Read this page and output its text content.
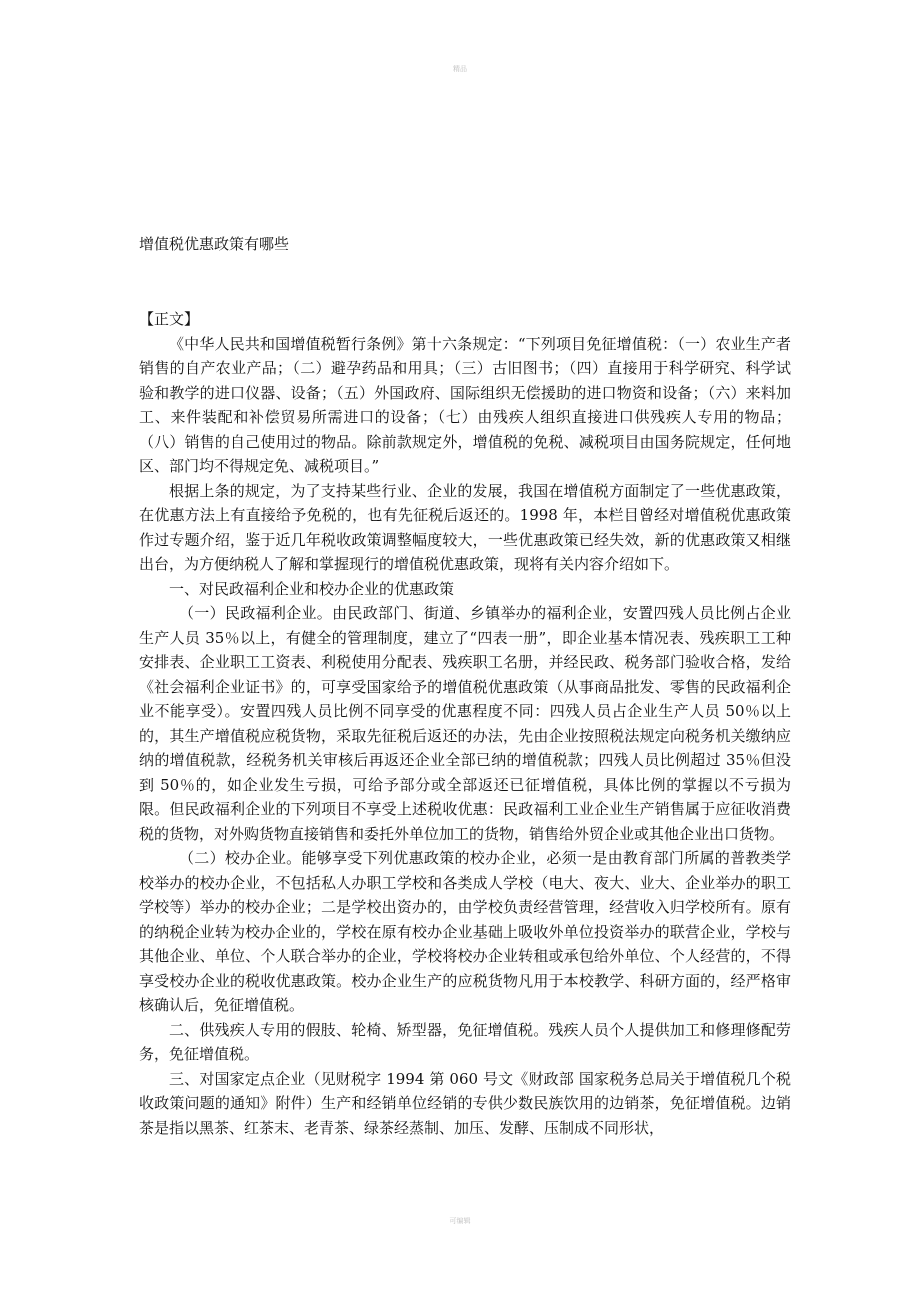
精品
增值税优惠政策有哪些

【正文】

《中华人民共和国增值税暂行条例》第十六条规定：“下列项目免征增值税：（一）农业生产者销售的自产农业产品；（二）避孕药品和用具；（三）古旧图书；（四）直接用于科学研究、科学试验和教学的进口仪器、设备；（五）外国政府、国际组织无偿援助的进口物资和设备；（六）来料加工、来件装配和补偿贸易所需进口的设备；（七）由残疾人组织直接进口供残疾人专用的物品；（八）销售的自己使用过的物品。除前款规定外，增值税的免税、减税项目由国务院规定，任何地区、部门均不得规定免、减税项目。”

根据上条的规定，为了支持某些行业、企业的发展，我国在增值税方面制定了一些优惠政策，在优惠方法上有直接给予免税的，也有先征税后返还的。1998 年，本栏目曾经对增值税优惠政策作过专题介绍，鉴于近几年税收政策调整幅度较大，一些优惠政策已经失效，新的优惠政策又相继出台，为方便纳税人了解和掌握现行的增值税优惠政策，现将有关内容介绍如下。

一、对民政福利企业和校办企业的优惠政策

（一）民政福利企业。由民政部门、街道、乡镇举办的福利企业，安置四残人员比例占企业生产人员 35％以上，有健全的管理制度，建立了“四表一册”，即企业基本情况表、残疾职工工种安排表、企业职工工资表、利税使用分配表、残疾职工名册，并经民政、税务部门验收合格，发给《社会福利企业证书》的，可享受国家给予的增值税优惠政策（从事商品批发、零售的民政福利企业不能享受）。安置四残人员比例不同享受的优惠程度不同：四残人员占企业生产人员 50％以上的，其生产增值税应税货物，采取先征税后返还的办法，先由企业按照税法规定向税务机关缴纳应纳的增值税款，经税务机关审核后再返还企业全部已纳的增值税款；四残人员比例超过 35％但没到 50％的，如企业发生亏损，可给予部分或全部返还已征增值税，具体比例的掌握以不亏损为限。但民政福利企业的下列项目不享受上述税收优惠：民政福利工业企业生产销售属于应征收消费税的货物，对外购货物直接销售和委托外单位加工的货物，销售给外贸企业或其他企业出口货物。

（二）校办企业。能够享受下列优惠政策的校办企业，必须一是由教育部门所属的普教类学校举办的校办企业，不包括私人办职工学校和各类成人学校（电大、夜大、业大、企业举办的职工学校等）举办的校办企业；二是学校出资办的，由学校负责经营管理，经营收入归学校所有。原有的纳税企业转为校办企业的，学校在原有校办企业基础上吸收外单位投资举办的联营企业，学校与其他企业、单位、个人联合举办的企业，学校将校办企业转租或承包给外单位、个人经营的，不得享受校办企业的税收优惠政策。校办企业生产的应税货物凡用于本校教学、科研方面的，经严格审核确认后，免征增值税。

二、供残疾人专用的假肢、轮椅、矫型器，免征增值税。残疾人员个人提供加工和修理修配劳务，免征增值税。

三、对国家定点企业（见财税字 1994 第 060 号文《财政部 国家税务总局关于增值税几个税收政策问题的通知》附件）生产和经销单位经销的专供少数民族饮用的边销茶，免征增值税。边销茶是指以黑茶、红茶末、老青茶、绿茶经蒸制、加压、发酵、压制成不同形状，

可编辑
